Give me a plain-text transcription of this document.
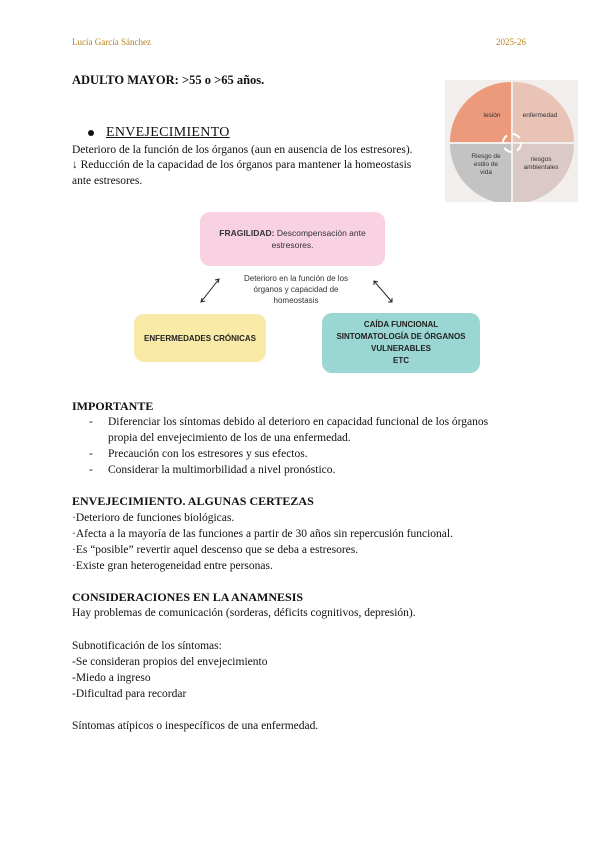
Lucía García Sánchez	2025-26
ADULTO MAYOR: >55 o >65 años.
lesión	enfermedad
Riesgo de estilo de vida
riesgos ambientales
ENVEJECIMIENTO
Deterioro de la función de los órganos (aun en ausencia de los estresores).
↓ Reducción de la capacidad de los órganos para mantener la homeostasis
ante estresores.
FRAGILIDAD: Descompensación ante estresores.
Deterioro en la función de los órganos y capacidad de homeostasis
ENFERMEDADES CRÓNICAS
CAÍDA FUNCIONAL
SINTOMATOLOGÍA DE ÓRGANOS
VULNERABLES
ETC
IMPORTANTE
- Diferenciar los síntomas debido al deterioro en capacidad funcional de los órganos
propia del envejecimiento de los de una enfermedad.
- Precaución con los estresores y sus efectos.
- Considerar la multimorbilidad a nivel pronóstico.
ENVEJECIMIENTO. ALGUNAS CERTEZAS
·Deterioro de funciones biológicas.
·Afecta a la mayoría de las funciones a partir de 30 años sin repercusión funcional.
·Es “posible” revertir aquel descenso que se deba a estresores.
·Existe gran heterogeneidad entre personas.
CONSIDERACIONES EN LA ANAMNESIS
Hay problemas de comunicación (sorderas, déficits cognitivos, depresión).
Subnotificación de los síntomas:
-Se consideran propios del envejecimiento
-Miedo a ingreso
-Dificultad para recordar
Síntomas atípicos o inespecíficos de una enfermedad.
